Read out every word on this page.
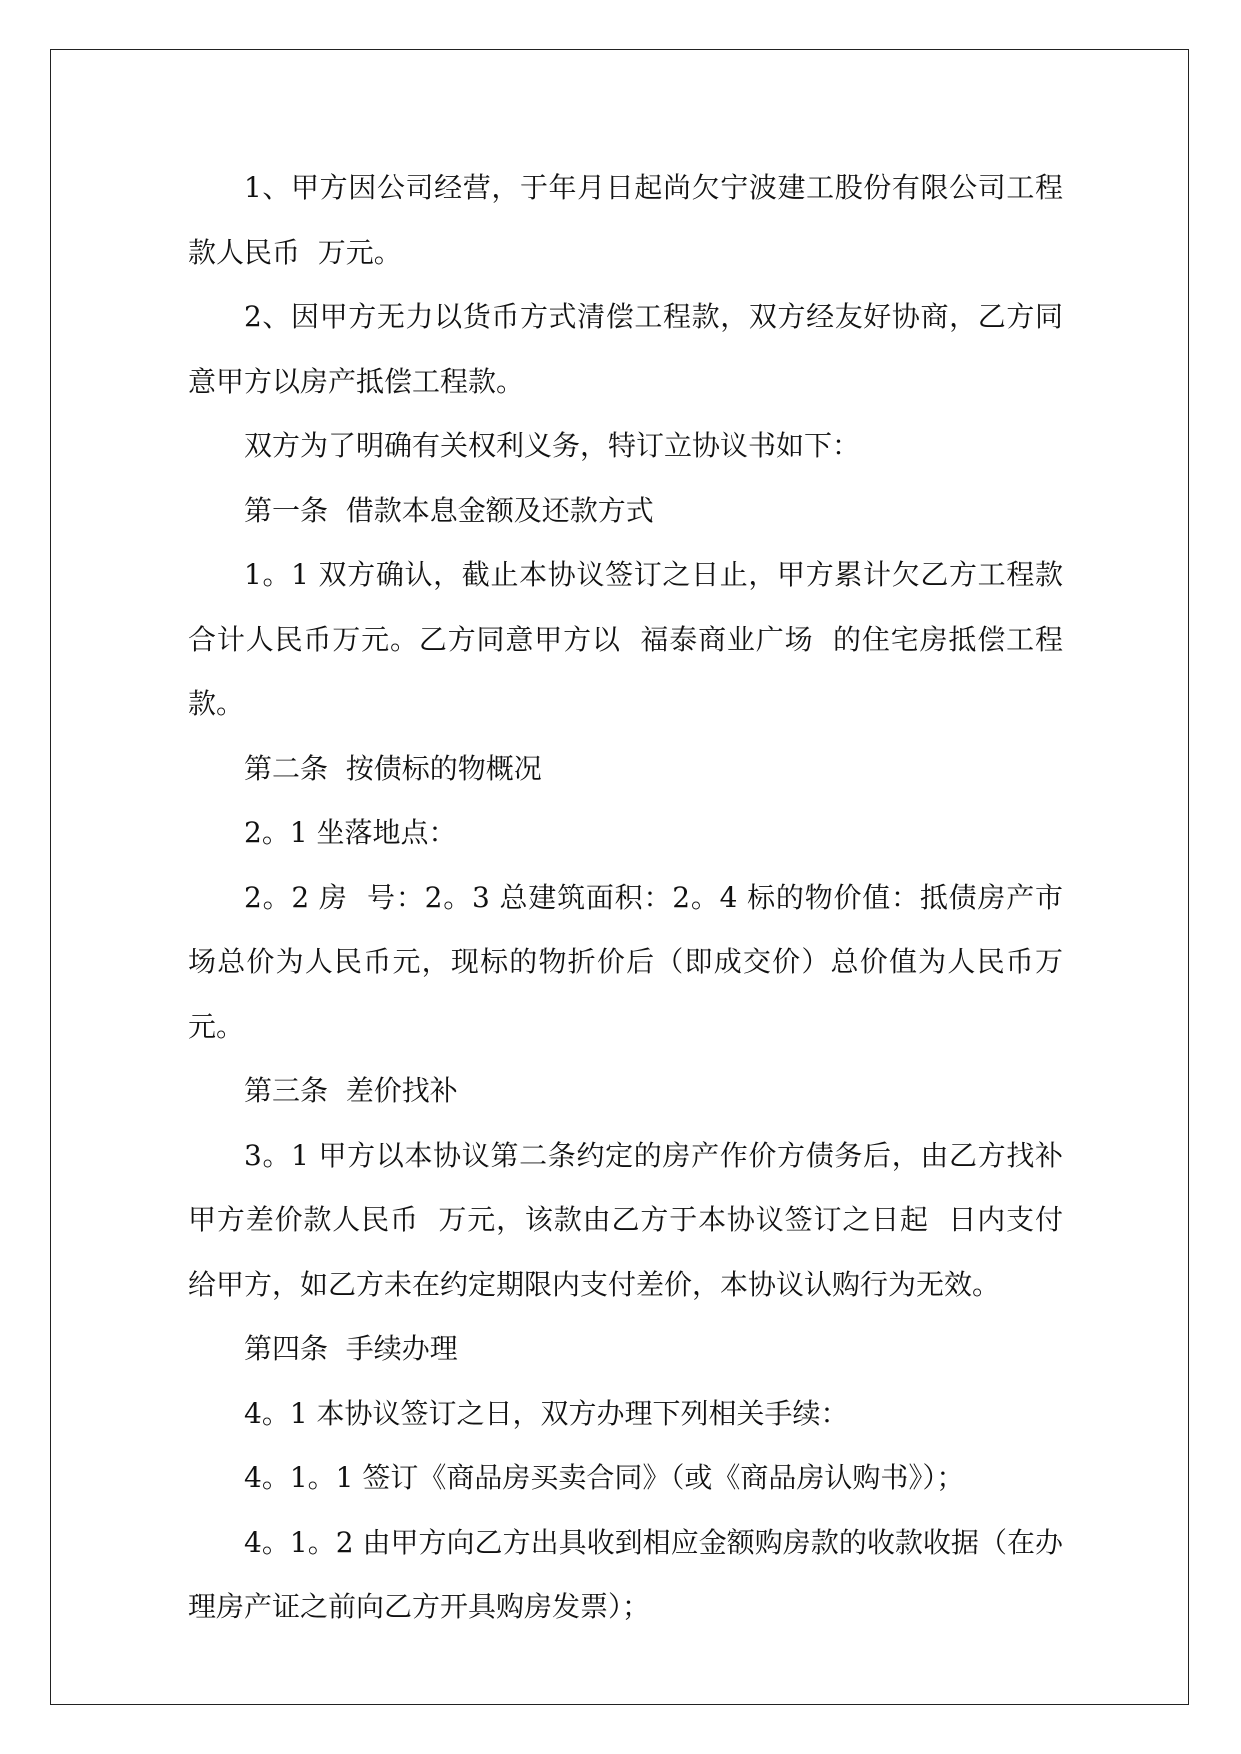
1、甲方因公司经营，于年月日起尚欠宁波建工股份有限公司工程款人民币  万元。

2、因甲方无力以货币方式清偿工程款，双方经友好协商，乙方同意甲方以房产抵偿工程款。

双方为了明确有关权利义务，特订立协议书如下：

第一条  借款本息金额及还款方式

1。1 双方确认，截止本协议签订之日止，甲方累计欠乙方工程款合计人民币万元。乙方同意甲方以  福泰商业广场  的住宅房抵偿工程款。

第二条  按债标的物概况

2。1 坐落地点：

2。2 房  号：2。3 总建筑面积：2。4 标的物价值：抵债房产市场总价为人民币元，现标的物折价后（即成交价）总价值为人民币万元。

第三条  差价找补

3。1 甲方以本协议第二条约定的房产作价方债务后，由乙方找补甲方差价款人民币  万元，该款由乙方于本协议签订之日起  日内支付给甲方，如乙方未在约定期限内支付差价，本协议认购行为无效。

第四条  手续办理

4。1 本协议签订之日，双方办理下列相关手续：

4。1。1 签订《商品房买卖合同》（或《商品房认购书》）；

4。1。2 由甲方向乙方出具收到相应金额购房款的收款收据（在办理房产证之前向乙方开具购房发票）；
